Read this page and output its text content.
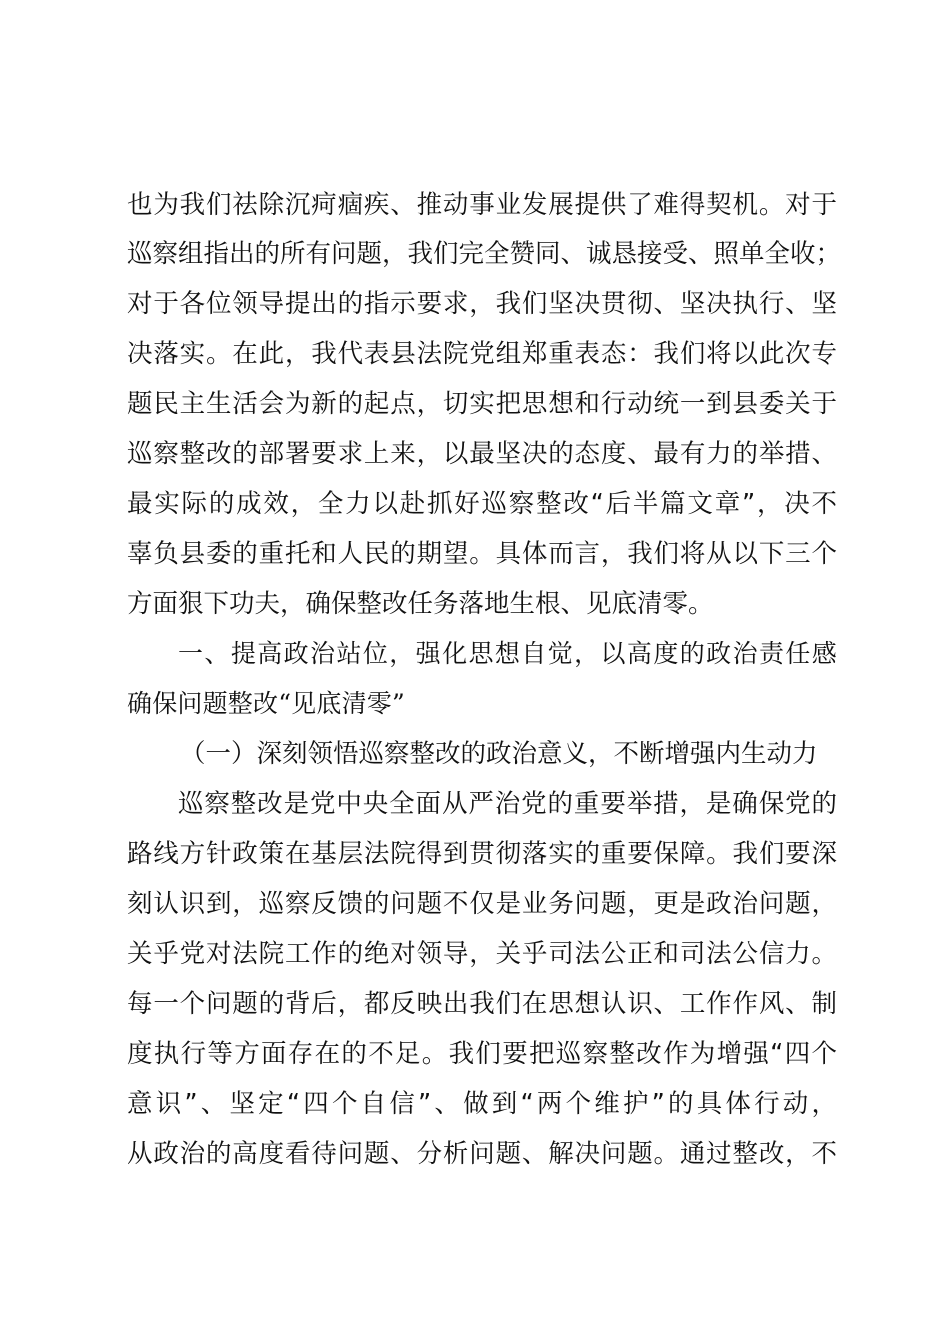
也为我们祛除沉疴痼疾、推动事业发展提供了难得契机。对于
巡察组指出的所有问题，我们完全赞同、诚恳接受、照单全收；
对于各位领导提出的指示要求，我们坚决贯彻、坚决执行、坚
决落实。在此，我代表县法院党组郑重表态：我们将以此次专
题民主生活会为新的起点，切实把思想和行动统一到县委关于
巡察整改的部署要求上来，以最坚决的态度、最有力的举措、
最实际的成效，全力以赴抓好巡察整改“后半篇文章”，决不
辜负县委的重托和人民的期望。具体而言，我们将从以下三个
方面狠下功夫，确保整改任务落地生根、见底清零。
一、提高政治站位，强化思想自觉，以高度的政治责任感
确保问题整改“见底清零”
（一）深刻领悟巡察整改的政治意义，不断增强内生动力
巡察整改是党中央全面从严治党的重要举措，是确保党的
路线方针政策在基层法院得到贯彻落实的重要保障。我们要深
刻认识到，巡察反馈的问题不仅是业务问题，更是政治问题，
关乎党对法院工作的绝对领导，关乎司法公正和司法公信力。
每一个问题的背后，都反映出我们在思想认识、工作作风、制
度执行等方面存在的不足。我们要把巡察整改作为增强“四个
意识”、坚定“四个自信”、做到“两个维护”的具体行动，
从政治的高度看待问题、分析问题、解决问题。通过整改，不
